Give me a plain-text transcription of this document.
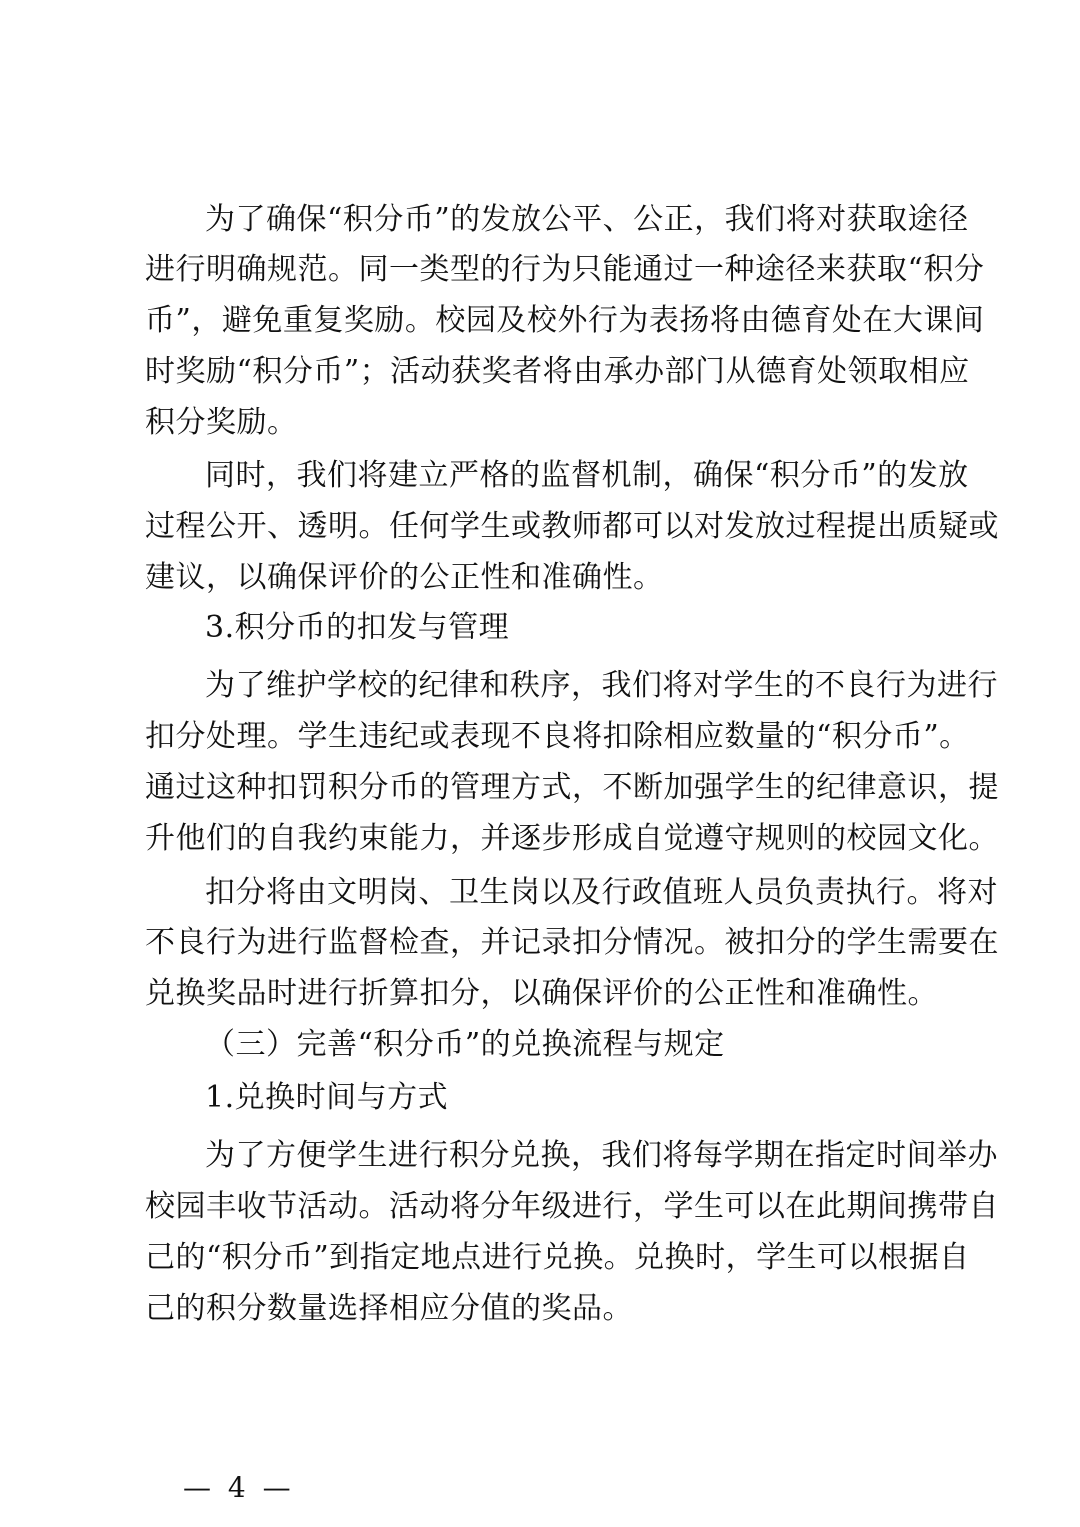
为了确保“积分币”的发放公平、公正，我们将对获取途径
进行明确规范。同一类型的行为只能通过一种途径来获取“积分
币”，避免重复奖励。校园及校外行为表扬将由德育处在大课间
时奖励“积分币”；活动获奖者将由承办部门从德育处领取相应
积分奖励。
同时，我们将建立严格的监督机制，确保“积分币”的发放
过程公开、透明。任何学生或教师都可以对发放过程提出质疑或
建议，以确保评价的公正性和准确性。
3.积分币的扣发与管理
为了维护学校的纪律和秩序，我们将对学生的不良行为进行
扣分处理。学生违纪或表现不良将扣除相应数量的“积分币”。
通过这种扣罚积分币的管理方式，不断加强学生的纪律意识，提
升他们的自我约束能力，并逐步形成自觉遵守规则的校园文化。
扣分将由文明岗、卫生岗以及行政值班人员负责执行。将对
不良行为进行监督检查，并记录扣分情况。被扣分的学生需要在
兑换奖品时进行折算扣分，以确保评价的公正性和准确性。
（三）完善“积分币”的兑换流程与规定
1.兑换时间与方式
为了方便学生进行积分兑换，我们将每学期在指定时间举办
校园丰收节活动。活动将分年级进行，学生可以在此期间携带自
己的“积分币”到指定地点进行兑换。兑换时，学生可以根据自
己的积分数量选择相应分值的奖品。
— 4 —
